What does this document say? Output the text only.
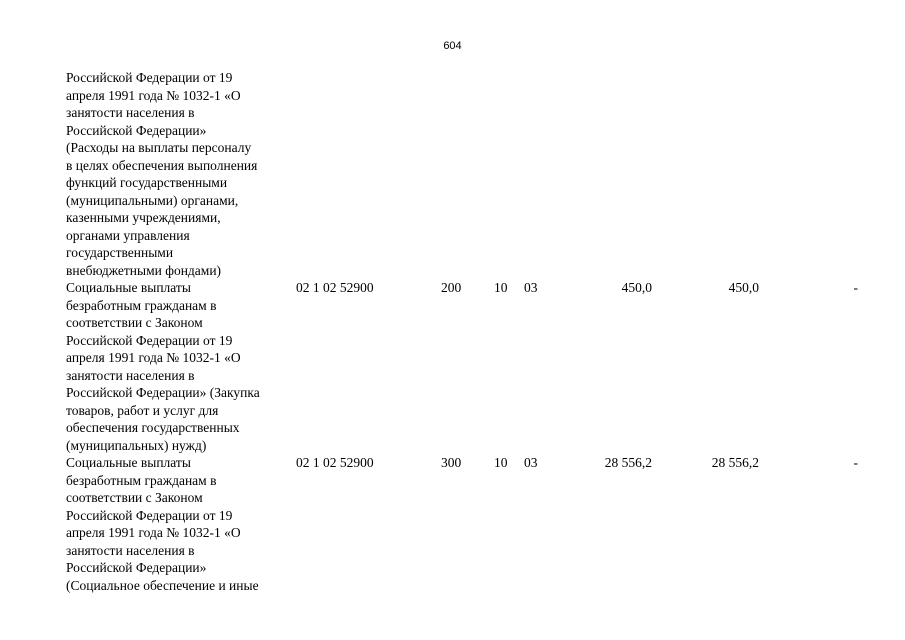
604
Российской Федерации от 19
апреля 1991 года № 1032-1 «О
занятости населения в
Российской Федерации»
(Расходы на выплаты персоналу
в целях обеспечения выполнения
функций государственными
(муниципальными) органами,
казенными учреждениями,
органами управления
государственными
внебюджетными фондами)
Социальные выплаты
безработным гражданам в
соответствии с Законом
Российской Федерации от 19
апреля 1991 года № 1032-1 «О
занятости населения в
Российской Федерации» (Закупка
товаров, работ и услуг для
обеспечения государственных
(муниципальных) нужд)
02 1 02 52900	200 10 03	450,0	450,0	-
Социальные выплаты
безработным гражданам в
соответствии с Законом
Российской Федерации от 19
апреля 1991 года № 1032-1 «О
занятости населения в
Российской Федерации»
(Социальное обеспечение и иные
02 1 02 52900	300 10 03	28 556,2	28 556,2	-
